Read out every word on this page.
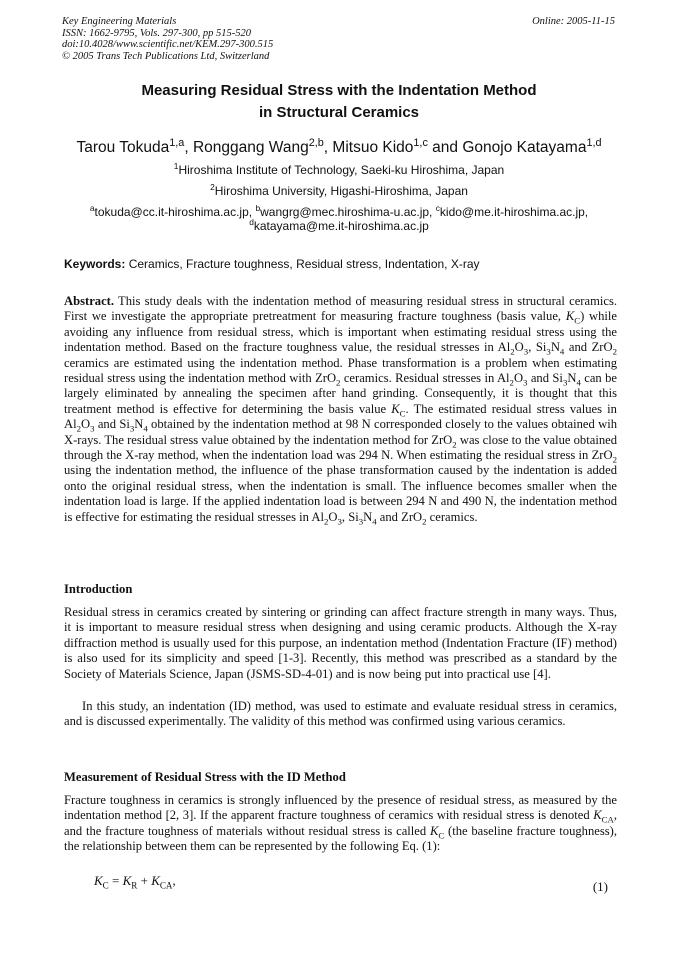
Key Engineering Materials
ISSN: 1662-9795, Vols. 297-300, pp 515-520
doi:10.4028/www.scientific.net/KEM.297-300.515
© 2005 Trans Tech Publications Ltd, Switzerland
Online: 2005-11-15
Measuring Residual Stress with the Indentation Method
in Structural Ceramics
Tarou Tokuda$^{1,a}$, Ronggang Wang$^{2,b}$, Mitsuo Kido$^{1,c}$ and Gonojo Katayama$^{1,d}$
$^1$Hiroshima Institute of Technology, Saeki-ku Hiroshima, Japan
$^2$Hiroshima University, Higashi-Hiroshima, Japan
$^a$tokuda@cc.it-hiroshima.ac.jp, $^b$wangrg@mec.hiroshima-u.ac.jp, $^c$kido@me.it-hiroshima.ac.jp,
$^d$katayama@me.it-hiroshima.ac.jp
Keywords: Ceramics, Fracture toughness, Residual stress, Indentation, X-ray
Abstract. This study deals with the indentation method of measuring residual stress in structural ceramics. First we investigate the appropriate pretreatment for measuring fracture toughness (basis value, $K_C$) while avoiding any influence from residual stress, which is important when estimating residual stress using the indentation method. Based on the fracture toughness value, the residual stresses in $Al_2O_3$, $Si_3N_4$ and ZrO$_2$ ceramics are estimated using the indentation method. Phase transformation is a problem when estimating residual stress using the indentation method with ZrO$_2$ ceramics. Residual stresses in $Al_2O_3$ and $Si_3N_4$ can be largely eliminated by annealing the specimen after hand grinding. Consequently, it is thought that this treatment method is effective for determining the basis value $K_C$. The estimated residual stress values in $Al_2O_3$ and $Si_3N_4$ obtained by the indentation method at 98 N corresponded closely to the values obtained wih X-rays. The residual stress value obtained by the indentation method for ZrO$_2$ was close to the value obtained through the X-ray method, when the indentation load was 294 N. When estimating the residual stress in ZrO$_2$ using the indentation method, the influence of the phase transformation caused by the indentation is added onto the original residual stress, when the indentation is small. The influence becomes smaller when the indentation load is large. If the applied indentation load is between 294 N and 490 N, the indentation method is effective for estimating the residual stresses in $Al_2O_3$, $Si_3N_4$ and ZrO$_2$ ceramics.
Introduction
Residual stress in ceramics created by sintering or grinding can affect fracture strength in many ways. Thus, it is important to measure residual stress when designing and using ceramic products. Although the X-ray diffraction method is usually used for this purpose, an indentation method (Indentation Fracture (IF) method) is also used for its simplicity and speed [1-3]. Recently, this method was prescribed as a standard by the Society of Materials Science, Japan (JSMS-SD-4-01) and is now being put into practical use [4].
In this study, an indentation (ID) method, was used to estimate and evaluate residual stress in ceramics, and is discussed experimentally. The validity of this method was confirmed using various ceramics.
Measurement of Residual Stress with the ID Method
Fracture toughness in ceramics is strongly influenced by the presence of residual stress, as measured by the indentation method [2, 3]. If the apparent fracture toughness of ceramics with residual stress is denoted $K_{CA}$, and the fracture toughness of materials without residual stress is called $K_C$ (the baseline fracture toughness), the relationship between them can be represented by the following Eq. (1):
$K_C = K_R + K_{CA}$,	(1)
